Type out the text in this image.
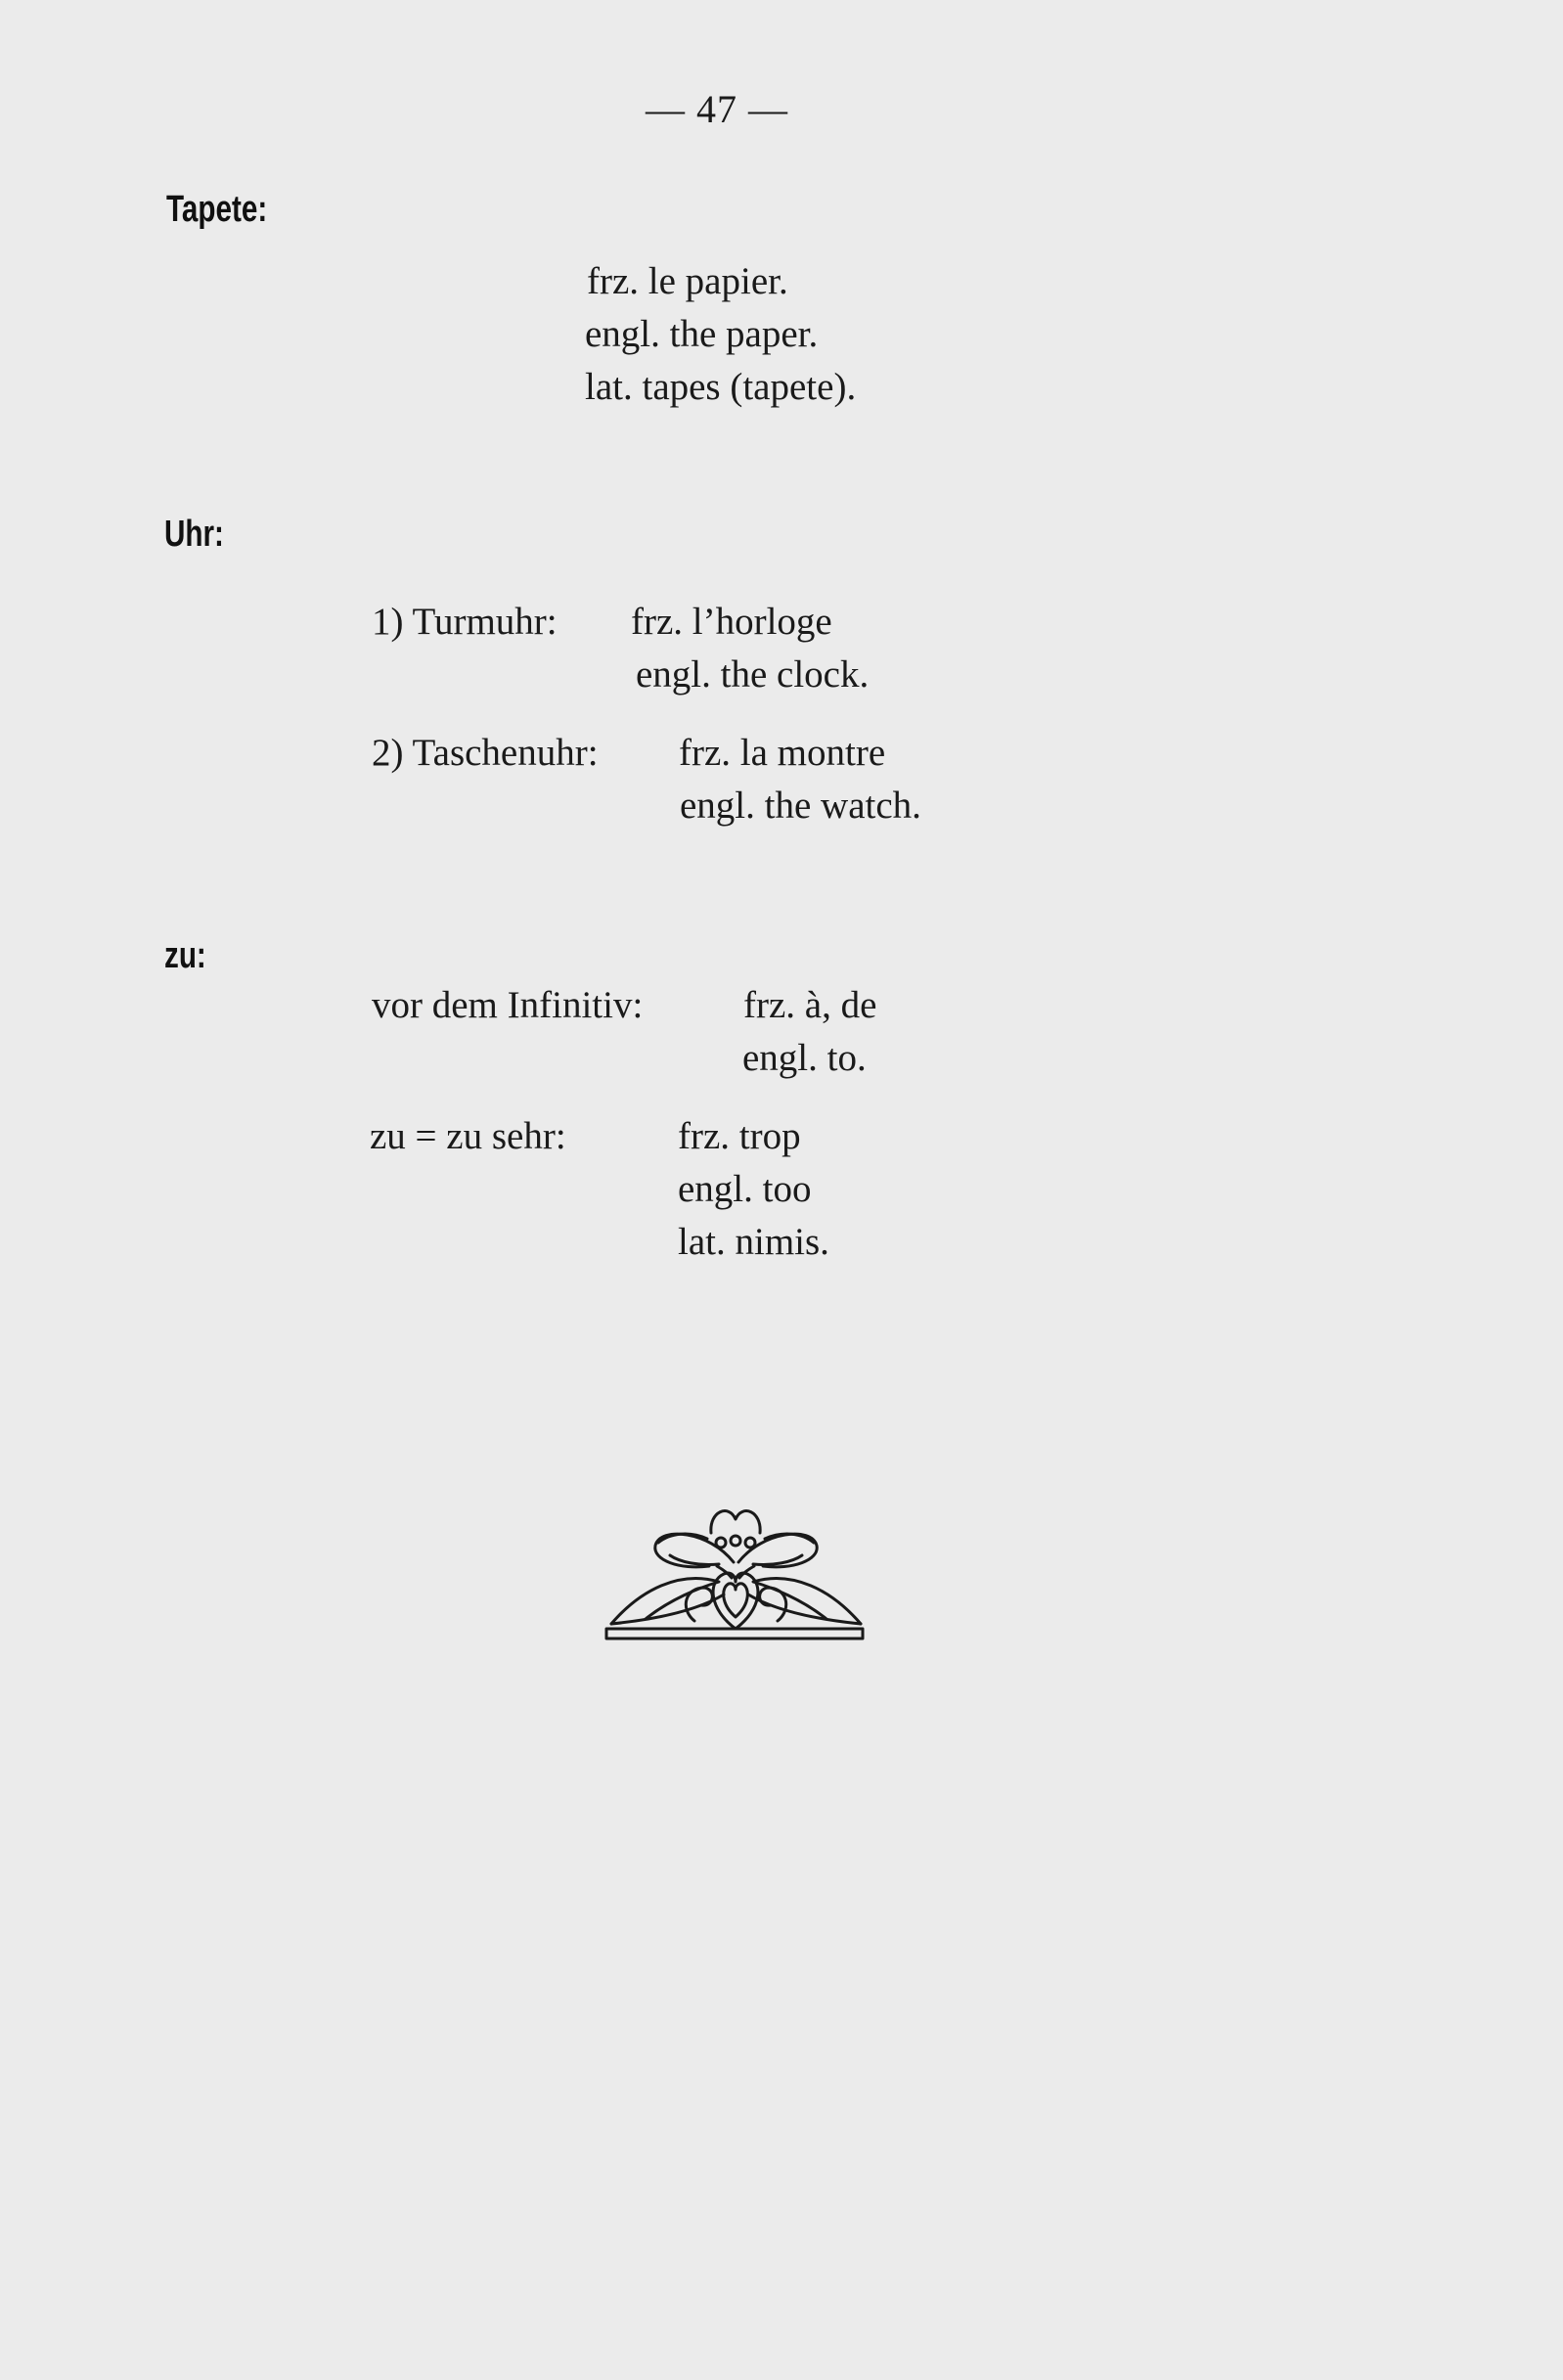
— 47 —
Tapete:
frz. le papier.
engl. the paper.
lat. tapes (tapete).
Uhr:
1) Turmuhr: frz. l’horloge
engl. the clock.
2) Taschenuhr: frz. la montre
engl. the watch.
zu:
vor dem Infinitiv:	frz. à, de
engl. to.
zu = zu sehr:	frz. trop
engl. too
lat. nimis.
